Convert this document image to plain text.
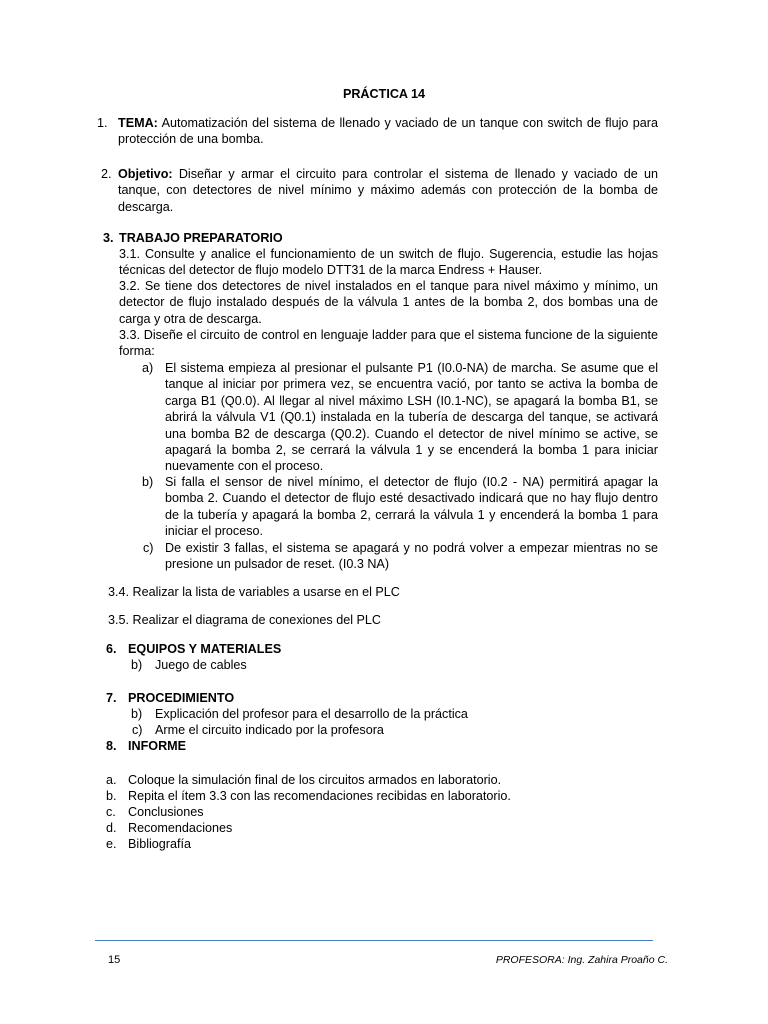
PRÁCTICA 14
1. TEMA: Automatización del sistema de llenado y vaciado de un tanque con switch de flujo para
protección de una bomba.
2. Objetivo: Diseñar y armar el circuito para controlar el sistema de llenado y vaciado de un
tanque, con detectores de nivel mínimo y máximo además con protección de la bomba de
descarga.
3. TRABAJO PREPARATORIO
3.1. Consulte y analice el funcionamiento de un switch de flujo. Sugerencia, estudie las hojas
técnicas del detector de flujo modelo DTT31 de la marca Endress + Hauser.
3.2. Se tiene dos detectores de nivel instalados en el tanque para nivel máximo y mínimo, un
detector de flujo instalado después de la válvula 1 antes de la bomba 2, dos bombas una de
carga y otra de descarga.
3.3. Diseñe el circuito de control en lenguaje ladder para que el sistema funcione de la siguiente
forma:
a) El sistema empieza al presionar el pulsante P1 (I0.0-NA) de marcha. Se asume que el
tanque al iniciar por primera vez, se encuentra vació, por tanto se activa la bomba de
carga B1 (Q0.0). Al llegar al nivel máximo LSH (I0.1-NC), se apagará la bomba B1, se
abrirá la válvula V1 (Q0.1) instalada en la tubería de descarga del tanque, se activará
una bomba B2 de descarga (Q0.2). Cuando el detector de nivel mínimo se active, se
apagará la bomba 2, se cerrará la válvula 1 y se encenderá la bomba 1 para iniciar
nuevamente con el proceso.
b) Si falla el sensor de nivel mínimo, el detector de flujo (I0.2 - NA) permitirá apagar la
bomba 2. Cuando el detector de flujo esté desactivado indicará que no hay flujo dentro
de la tubería y apagará la bomba 2, cerrará la válvula 1 y encenderá la bomba 1 para
iniciar el proceso.
c) De existir 3 fallas, el sistema se apagará y no podrá volver a empezar mientras no se
presione un pulsador de reset. (I0.3 NA)
3.4. Realizar la lista de variables a usarse en el PLC
3.5. Realizar el diagrama de conexiones del PLC
6. EQUIPOS Y MATERIALES
b) Juego de cables
7. PROCEDIMIENTO
b) Explicación del profesor para el desarrollo de la práctica
c) Arme el circuito indicado por la profesora
8. INFORME
a. Coloque la simulación final de los circuitos armados en laboratorio.
b. Repita el ítem 3.3 con las recomendaciones recibidas en laboratorio.
c. Conclusiones
d. Recomendaciones
e. Bibliografía
15	PROFESORA: Ing. Zahira Proaño C.
